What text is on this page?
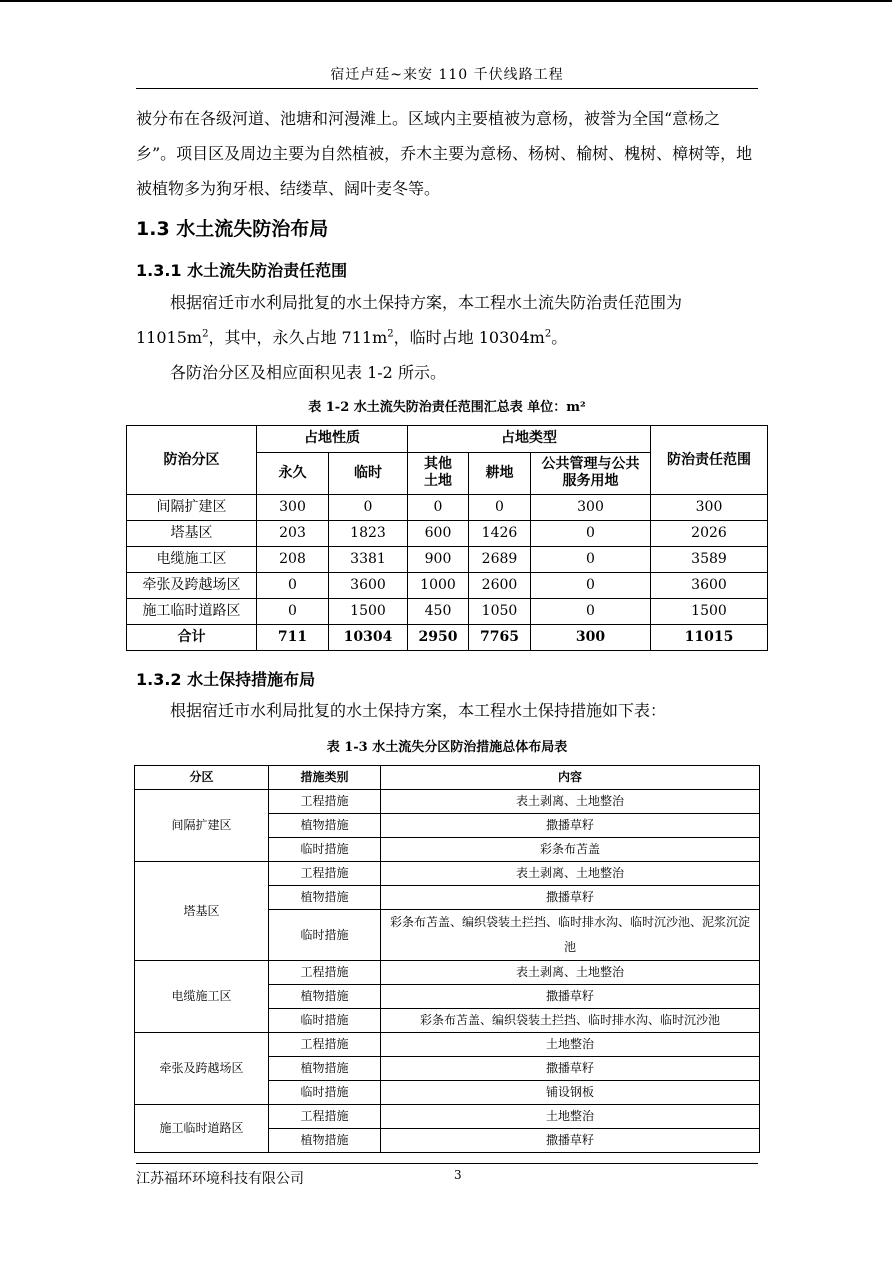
宿迁卢廷~来安 110 千伏线路工程

被分布在各级河道、池塘和河漫滩上。区域内主要植被为意杨，被誉为全国“意杨之乡”。项目区及周边主要为自然植被，乔木主要为意杨、杨树、榆树、槐树、樟树等，地被植物多为狗牙根、结缕草、阔叶麦冬等。

1.3 水土流失防治布局
1.3.1 水土流失防治责任范围

根据宿迁市水利局批复的水土保持方案，本工程水土流失防治责任范围为$11015m^2$，其中，永久占地 $711m^2$，临时占地 $10304m^2$。

各防治分区及相应面积见表 1-2 所示。

表 1-2 水土流失防治责任范围汇总表 单位：m²
防治分区	占地性质		占地类型			防治责任范围
	永久	临时	其他土地	耕地	公共管理与公共服务用地	
间隔扩建区	300	0	0	0	300	300
塔基区	203	1823	600	1426	0	2026
电缆施工区	208	3381	900	2689	0	3589
牵张及跨越场区	0	3600	1000	2600	0	3600
施工临时道路区	0	1500	450	1050	0	1500
合计	711	10304	2950	7765	300	11015
1.3.2 水土保持措施布局

根据宿迁市水利局批复的水土保持方案，本工程水土保持措施如下表：

表 1-3 水土流失分区防治措施总体布局表
分区	措施类别	内容
间隔扩建区	工程措施	表土剥离、土地整治
	植物措施	撒播草籽
	临时措施	彩条布苫盖
塔基区	工程措施	表土剥离、土地整治
	植物措施	撒播草籽
	临时措施	彩条布苫盖、编织袋装土拦挡、临时排水沟、临时沉沙池、泥浆沉淀池
电缆施工区	工程措施	表土剥离、土地整治
	植物措施	撒播草籽
	临时措施	彩条布苫盖、编织袋装土拦挡、临时排水沟、临时沉沙池
牵张及跨越场区	工程措施	土地整治
	植物措施	撒播草籽
	临时措施	铺设钢板
施工临时道路区	工程措施	土地整治
	植物措施	撒播草籽
江苏福环环境科技有限公司	3
